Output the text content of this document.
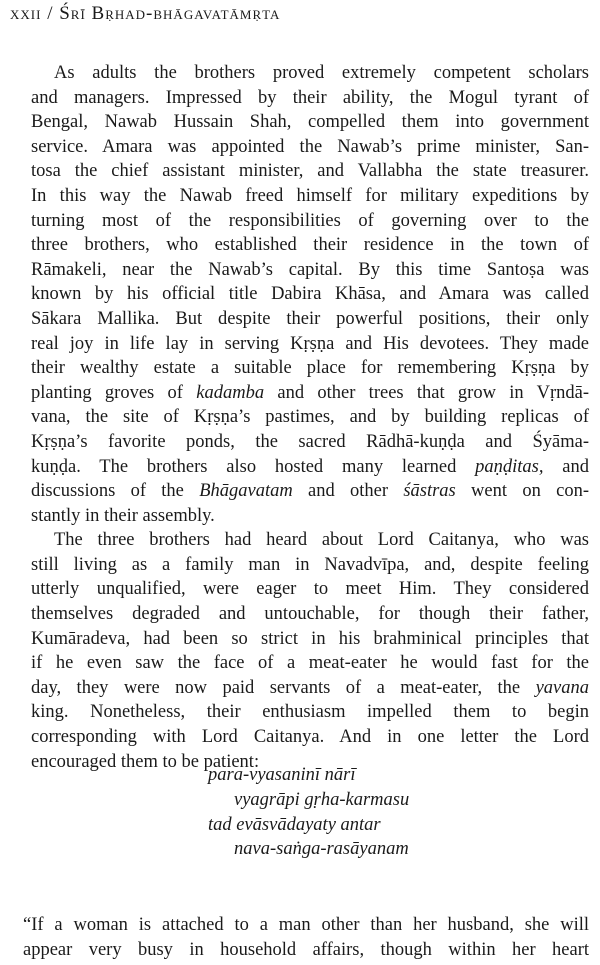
xxii / Śrī Bṛhad-bhāgavatāmṛta
As adults the brothers proved extremely competent scholars
and managers. Impressed by their ability, the Mogul tyrant of
Bengal, Nawab Hussain Shah, compelled them into government
service. Amara was appointed the Nawab’s prime minister, San-
tosa the chief assistant minister, and Vallabha the state treasurer.
In this way the Nawab freed himself for military expeditions by
turning most of the responsibilities of governing over to the
three brothers, who established their residence in the town of
Rāmakeli, near the Nawab’s capital. By this time Santoṣa was
known by his official title Dabira Khāsa, and Amara was called
Sākara Mallika. But despite their powerful positions, their only
real joy in life lay in serving Kṛṣṇa and His devotees. They made
their wealthy estate a suitable place for remembering Kṛṣṇa by
planting groves of kadamba and other trees that grow in Vṛndā-
vana, the site of Kṛṣṇa’s pastimes, and by building replicas of
Kṛṣṇa’s favorite ponds, the sacred Rādhā-kuṇḍa and Śyāma-
kuṇḍa. The brothers also hosted many learned paṇḍitas, and
discussions of the Bhāgavatam and other śāstras went on con-
stantly in their assembly.
The three brothers had heard about Lord Caitanya, who was
still living as a family man in Navadvīpa, and, despite feeling
utterly unqualified, were eager to meet Him. They considered
themselves degraded and untouchable, for though their father,
Kumāradeva, had been so strict in his brahminical principles that
if he even saw the face of a meat-eater he would fast for the
day, they were now paid servants of a meat-eater, the yavana
king. Nonetheless, their enthusiasm impelled them to begin
corresponding with Lord Caitanya. And in one letter the Lord
encouraged them to be patient:
para-vyasaninī nārī
vyagrāpi gṛha-karmasu
tad evāsvādayaty antar
nava-saṅga-rasāyanam
“If a woman is attached to a man other than her husband, she will
appear very busy in household affairs, though within her heart
